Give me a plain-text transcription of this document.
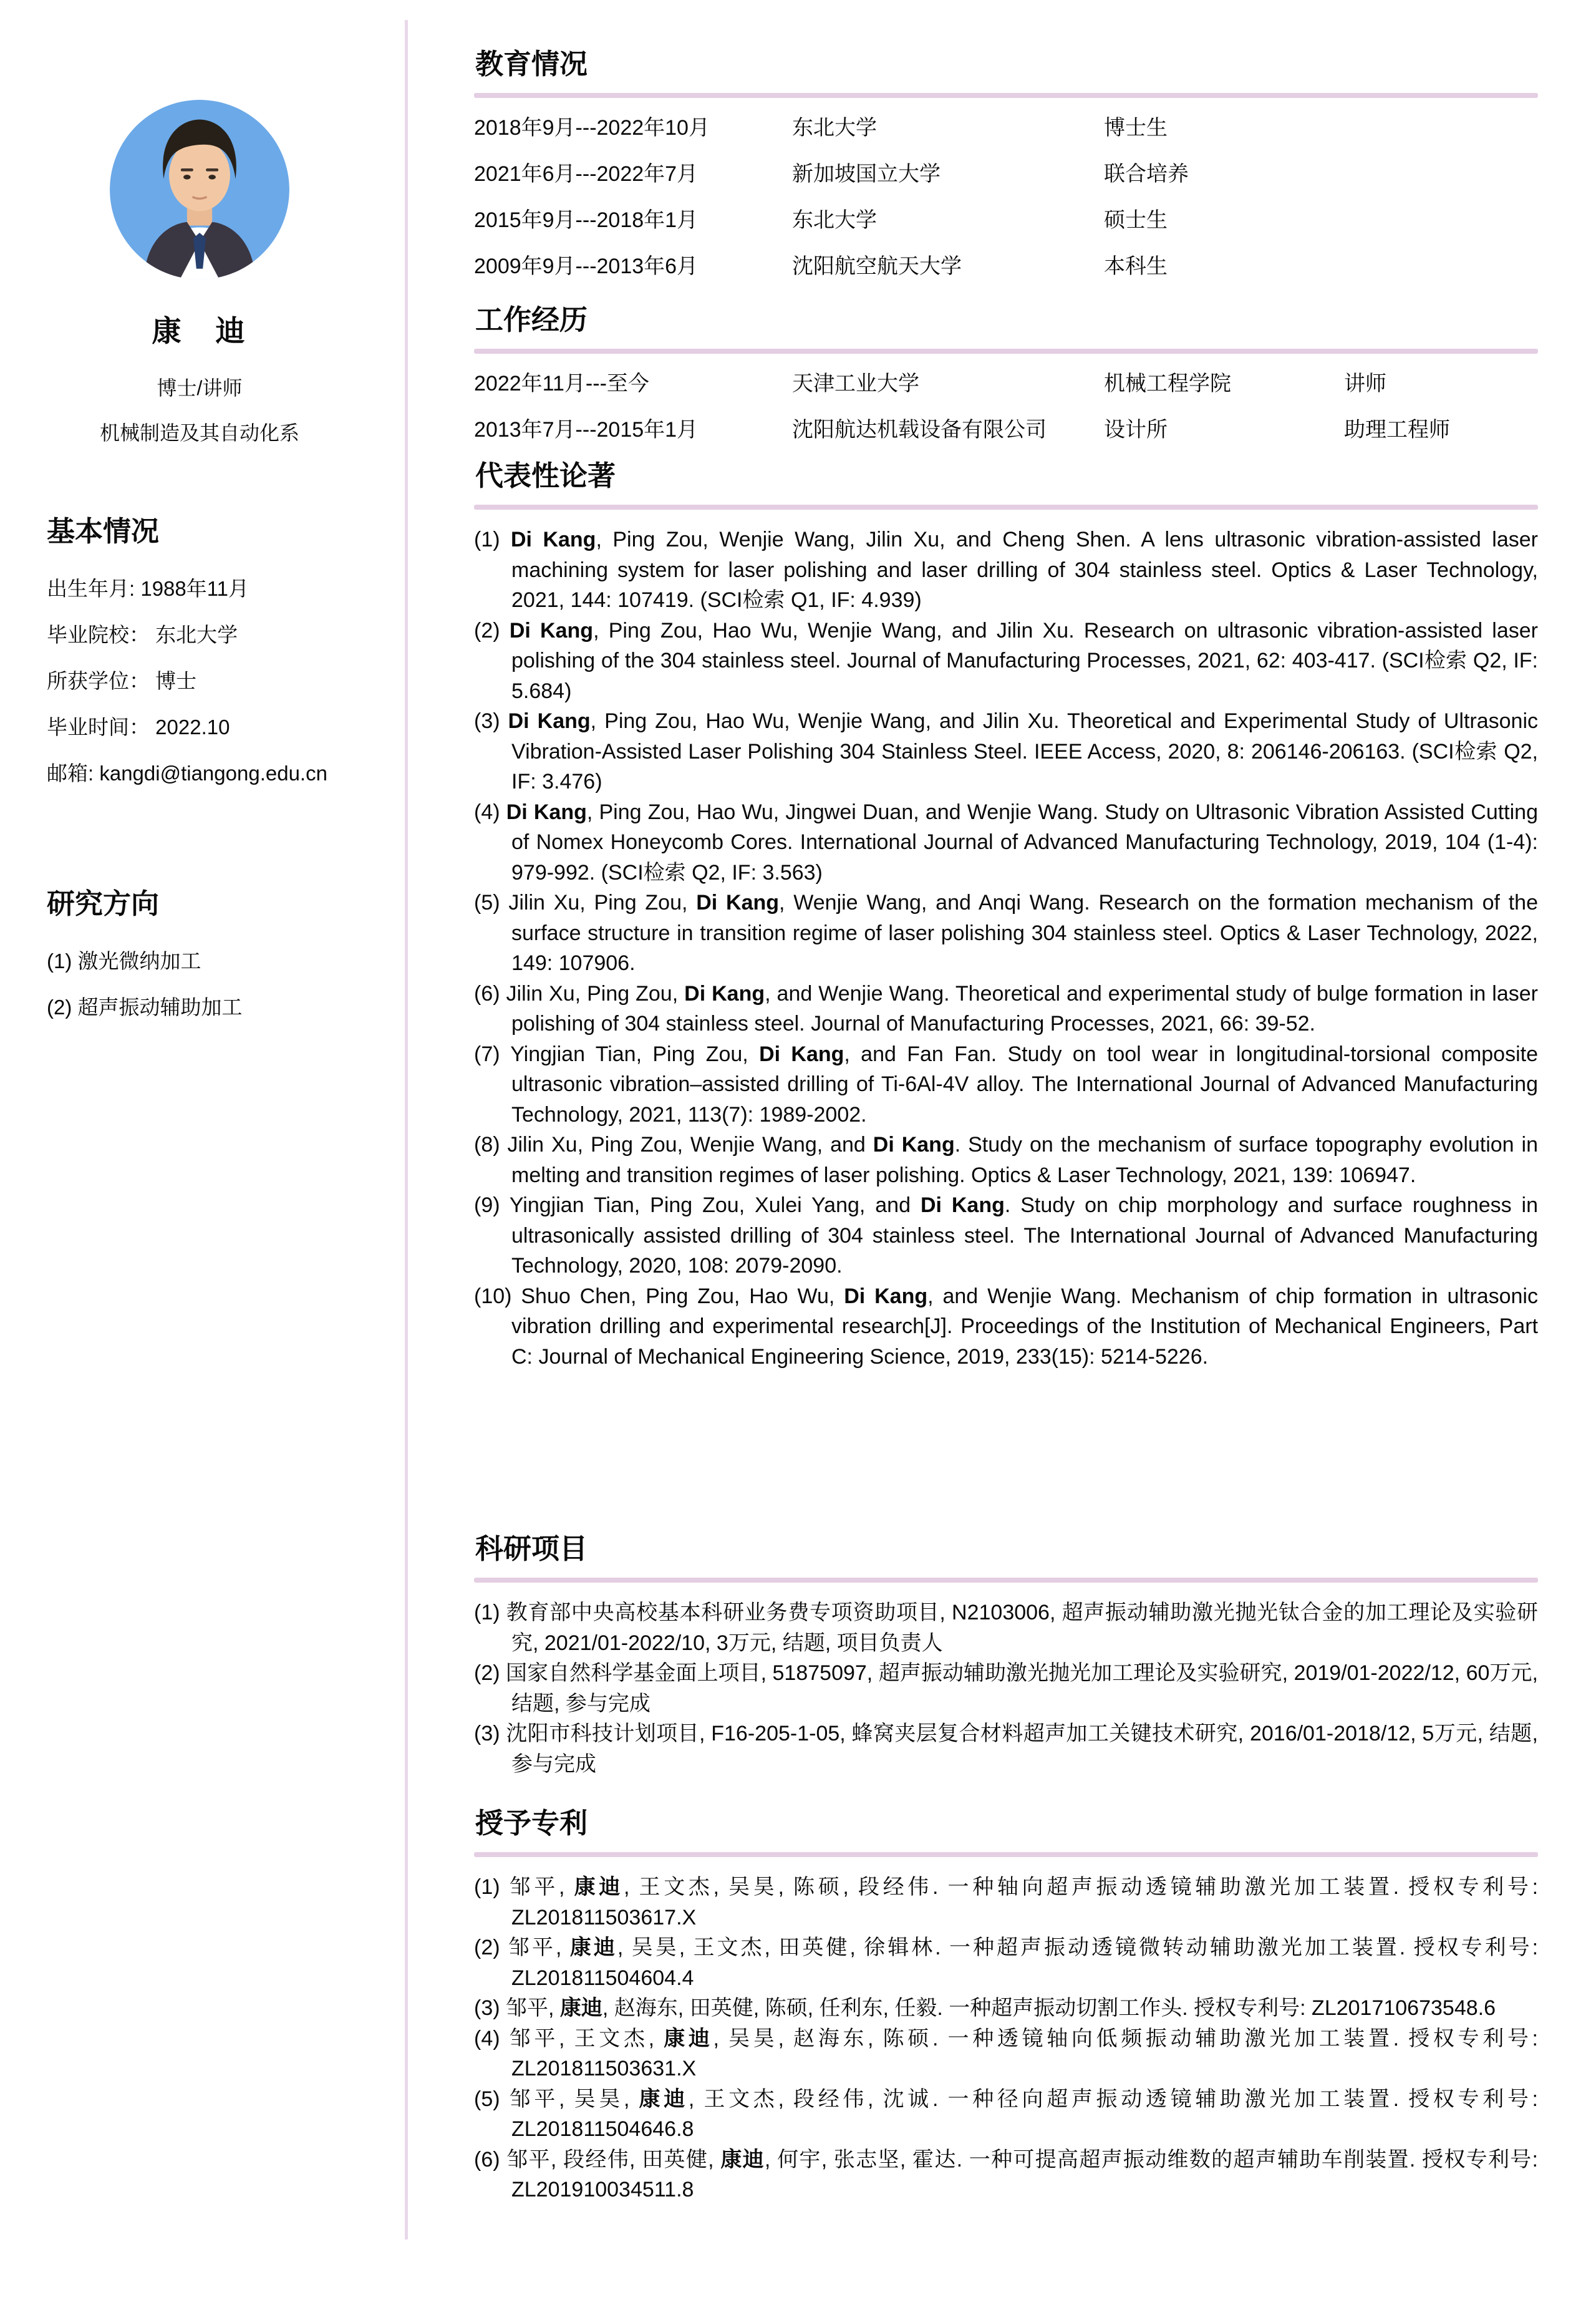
康　迪
博士/讲师
机械制造及其自动化系
基本情况
出生年月: 1988年11月
毕业院校： 东北大学
所获学位： 博士
毕业时间： 2022.10
邮箱: kangdi@tiangong.edu.cn
研究方向
(1) 激光微纳加工
(2) 超声振动辅助加工
教育情况
2018年9月---2022年10月	东北大学	博士生
2021年6月---2022年7月	新加坡国立大学	联合培养
2015年9月---2018年1月	东北大学	硕士生
2009年9月---2013年6月	沈阳航空航天大学	本科生
工作经历
2022年11月---至今	天津工业大学	机械工程学院	讲师
2013年7月---2015年1月	沈阳航达机载设备有限公司	设计所	助理工程师
代表性论著
(1) Di Kang, Ping Zou, Wenjie Wang, Jilin Xu, and Cheng Shen. A lens ultrasonic vibration-assisted laser machining system for laser polishing and laser drilling of 304 stainless steel. Optics & Laser Technology, 2021, 144: 107419. (SCI检索 Q1, IF: 4.939)
(2) Di Kang, Ping Zou, Hao Wu, Wenjie Wang, and Jilin Xu. Research on ultrasonic vibration-assisted laser polishing of the 304 stainless steel. Journal of Manufacturing Processes, 2021, 62: 403-417. (SCI检索 Q2, IF: 5.684)
(3) Di Kang, Ping Zou, Hao Wu, Wenjie Wang, and Jilin Xu. Theoretical and Experimental Study of Ultrasonic Vibration-Assisted Laser Polishing 304 Stainless Steel. IEEE Access, 2020, 8: 206146-206163. (SCI检索 Q2, IF: 3.476)
(4) Di Kang, Ping Zou, Hao Wu, Jingwei Duan, and Wenjie Wang. Study on Ultrasonic Vibration Assisted Cutting of Nomex Honeycomb Cores. International Journal of Advanced Manufacturing Technology, 2019, 104 (1-4): 979-992. (SCI检索 Q2, IF: 3.563)
(5) Jilin Xu, Ping Zou, Di Kang, Wenjie Wang, and Anqi Wang. Research on the formation mechanism of the surface structure in transition regime of laser polishing 304 stainless steel. Optics & Laser Technology, 2022, 149: 107906.
(6) Jilin Xu, Ping Zou, Di Kang, and Wenjie Wang. Theoretical and experimental study of bulge formation in laser polishing of 304 stainless steel. Journal of Manufacturing Processes, 2021, 66: 39-52.
(7) Yingjian Tian, Ping Zou, Di Kang, and Fan Fan. Study on tool wear in longitudinal-torsional composite ultrasonic vibration–assisted drilling of Ti-6Al-4V alloy. The International Journal of Advanced Manufacturing Technology, 2021, 113(7): 1989-2002.
(8) Jilin Xu, Ping Zou, Wenjie Wang, and Di Kang. Study on the mechanism of surface topography evolution in melting and transition regimes of laser polishing. Optics & Laser Technology, 2021, 139: 106947.
(9) Yingjian Tian, Ping Zou, Xulei Yang, and Di Kang. Study on chip morphology and surface roughness in ultrasonically assisted drilling of 304 stainless steel. The International Journal of Advanced Manufacturing Technology, 2020, 108: 2079-2090.
(10) Shuo Chen, Ping Zou, Hao Wu, Di Kang, and Wenjie Wang. Mechanism of chip formation in ultrasonic vibration drilling and experimental research[J]. Proceedings of the Institution of Mechanical Engineers, Part C: Journal of Mechanical Engineering Science, 2019, 233(15): 5214-5226.
科研项目
(1) 教育部中央高校基本科研业务费专项资助项目, N2103006, 超声振动辅助激光抛光钛合金的加工理论及实验研究, 2021/01-2022/10, 3万元, 结题, 项目负责人
(2) 国家自然科学基金面上项目, 51875097, 超声振动辅助激光抛光加工理论及实验研究, 2019/01-2022/12, 60万元, 结题, 参与完成
(3) 沈阳市科技计划项目, F16-205-1-05, 蜂窝夹层复合材料超声加工关键技术研究, 2016/01-2018/12, 5万元, 结题, 参与完成
授予专利
(1) 邹平, 康迪, 王文杰, 吴昊, 陈硕, 段经伟. 一种轴向超声振动透镜辅助激光加工装置. 授权专利号: ZL201811503617.X
(2) 邹平, 康迪, 吴昊, 王文杰, 田英健, 徐辑林. 一种超声振动透镜微转动辅助激光加工装置. 授权专利号: ZL201811504604.4
(3) 邹平, 康迪, 赵海东, 田英健, 陈硕, 任利东, 任毅. 一种超声振动切割工作头. 授权专利号: ZL201710673548.6
(4) 邹平, 王文杰, 康迪, 吴昊, 赵海东, 陈硕. 一种透镜轴向低频振动辅助激光加工装置. 授权专利号: ZL201811503631.X
(5) 邹平, 吴昊, 康迪, 王文杰, 段经伟, 沈诚. 一种径向超声振动透镜辅助激光加工装置. 授权专利号: ZL201811504646.8
(6) 邹平, 段经伟, 田英健, 康迪, 何宇, 张志坚, 霍达. 一种可提高超声振动维数的超声辅助车削装置. 授权专利号: ZL201910034511.8
